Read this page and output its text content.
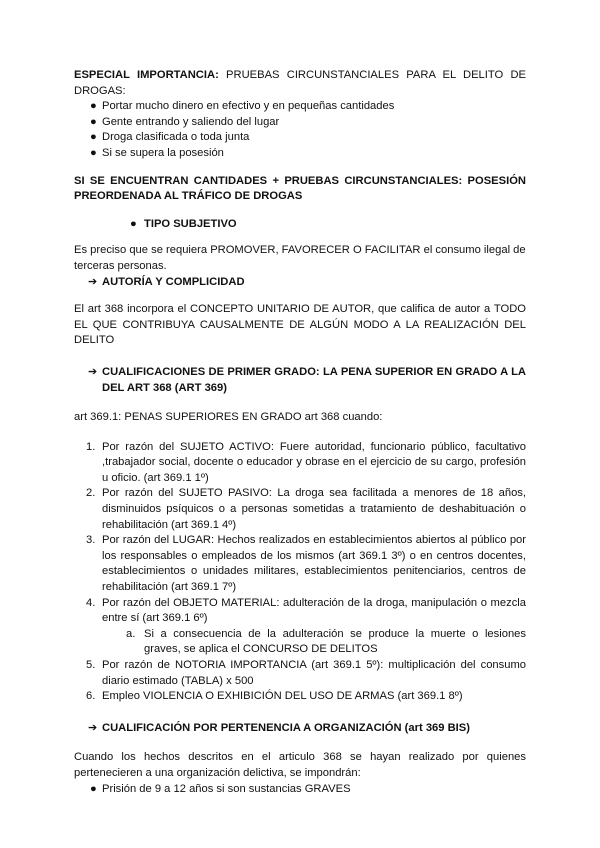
ESPECIAL IMPORTANCIA: PRUEBAS CIRCUNSTANCIALES PARA EL DELITO DE DROGAS:

● Portar mucho dinero en efectivo y en pequeñas cantidades
● Gente entrando y saliendo del lugar
● Droga clasificada o toda junta
● Si se supera la posesión

SI SE ENCUENTRAN CANTIDADES + PRUEBAS CIRCUNSTANCIALES: POSESIÓN PREORDENADA AL TRÁFICO DE DROGAS

● TIPO SUBJETIVO

Es preciso que se requiera PROMOVER, FAVORECER O FACILITAR el consumo ilegal de terceras personas.

➔ AUTORÍA Y COMPLICIDAD

El art 368 incorpora el CONCEPTO UNITARIO DE AUTOR, que califica de autor a TODO EL QUE CONTRIBUYA CAUSALMENTE DE ALGÚN MODO A LA REALIZACIÓN DEL DELITO

➔ CUALIFICACIONES DE PRIMER GRADO: LA PENA SUPERIOR EN GRADO A LA DEL ART 368 (ART 369)

art 369.1: PENAS SUPERIORES EN GRADO art 368 cuando:

1. Por razón del SUJETO ACTIVO: Fuere autoridad, funcionario público, facultativo ,trabajador social, docente o educador y obrase en el ejercicio de su cargo, profesión u oficio. (art 369.1 1º)
2. Por razón del SUJETO PASIVO: La droga sea facilitada a menores de 18 años, disminuidos psíquicos o a personas sometidas a tratamiento de deshabituación o rehabilitación (art 369.1 4º)
3. Por razón del LUGAR: Hechos realizados en establecimientos abiertos al público por los responsables o empleados de los mismos (art 369.1 3º) o en centros docentes, establecimientos o unidades militares, establecimientos penitenciarios, centros de rehabilitación (art 369.1 7º)
4. Por razón del OBJETO MATERIAL: adulteración de la droga, manipulación o mezcla entre sí (art 369.1 6º)
a. Si a consecuencia de la adulteración se produce la muerte o lesiones graves, se aplica el CONCURSO DE DELITOS
5. Por razón de NOTORIA IMPORTANCIA (art 369.1 5º): multiplicación del consumo diario estimado (TABLA) x 500
6. Empleo VIOLENCIA O EXHIBICIÓN DEL USO DE ARMAS (art 369.1 8º)
➔ CUALIFICACIÓN POR PERTENENCIA A ORGANIZACIÓN (art 369 BIS)

Cuando los hechos descritos en el articulo 368 se hayan realizado por quienes pertenecieren a una organización delictiva, se impondrán:

● Prisión de 9 a 12 años si son sustancias GRAVES
